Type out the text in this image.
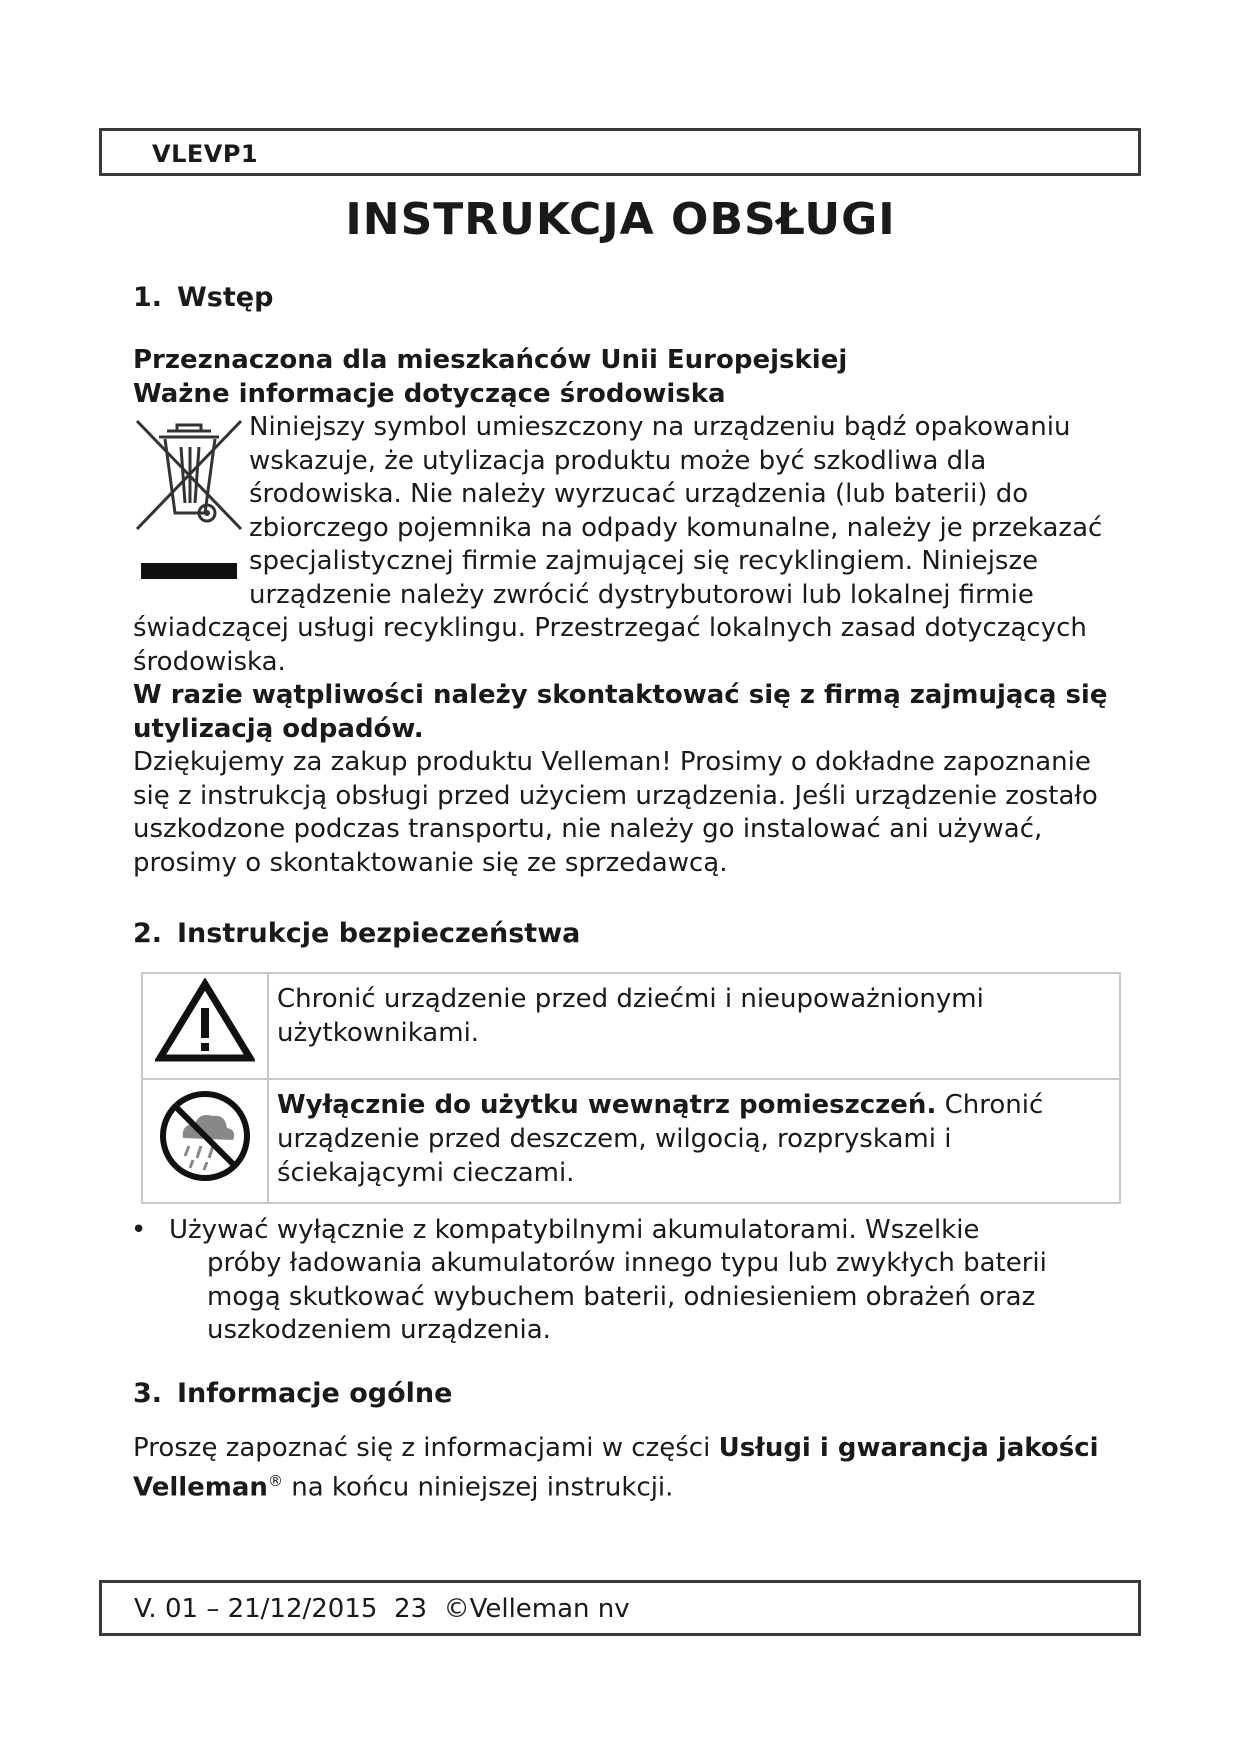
VLEVP1
INSTRUKCJA OBSŁUGI
1. Wstęp

Przeznaczona dla mieszkańców Unii Europejskiej

Ważne informacje dotyczące środowiska

Niniejszy symbol umieszczony na urządzeniu bądź opakowaniu wskazuje, że utylizacja produktu może być szkodliwa dla środowiska. Nie należy wyrzucać urządzenia (lub baterii) do zbiorczego pojemnika na odpady komunalne, należy je przekazać specjalistycznej firmie zajmującej się recyklingiem. Niniejsze urządzenie należy zwrócić dystrybutorowi lub lokalnej firmie świadczącej usługi recyklingu. Przestrzegać lokalnych zasad dotyczących środowiska.

W razie wątpliwości należy skontaktować się z firmą zajmującą się utylizacją odpadów.

Dziękujemy za zakup produktu Velleman! Prosimy o dokładne zapoznanie się z instrukcją obsługi przed użyciem urządzenia. Jeśli urządzenie zostało uszkodzone podczas transportu, nie należy go instalować ani używać, prosimy o skontaktowanie się ze sprzedawcą.

2. Instrukcje bezpieczeństwa
	Chronić urządzenie przed dziećmi i nieupoważnionymi użytkownikami.
	Wyłącznie do użytku wewnątrz pomieszczeń. Chronić urządzenie przed deszczem, wilgocią, rozpryskami i ściekającymi cieczami.
• Używać wyłącznie z kompatybilnymi akumulatorami. Wszelkie
próby ładowania akumulatorów innego typu lub zwykłych baterii
mogą skutkować wybuchem baterii, odniesieniem obrażeń oraz
uszkodzeniem urządzenia.
3. Informacje ogólne

Proszę zapoznać się z informacjami w części Usługi i gwarancja jakości Velleman® na końcu niniejszej instrukcji.

V. 01 – 21/12/2015  23  ©Velleman nv
